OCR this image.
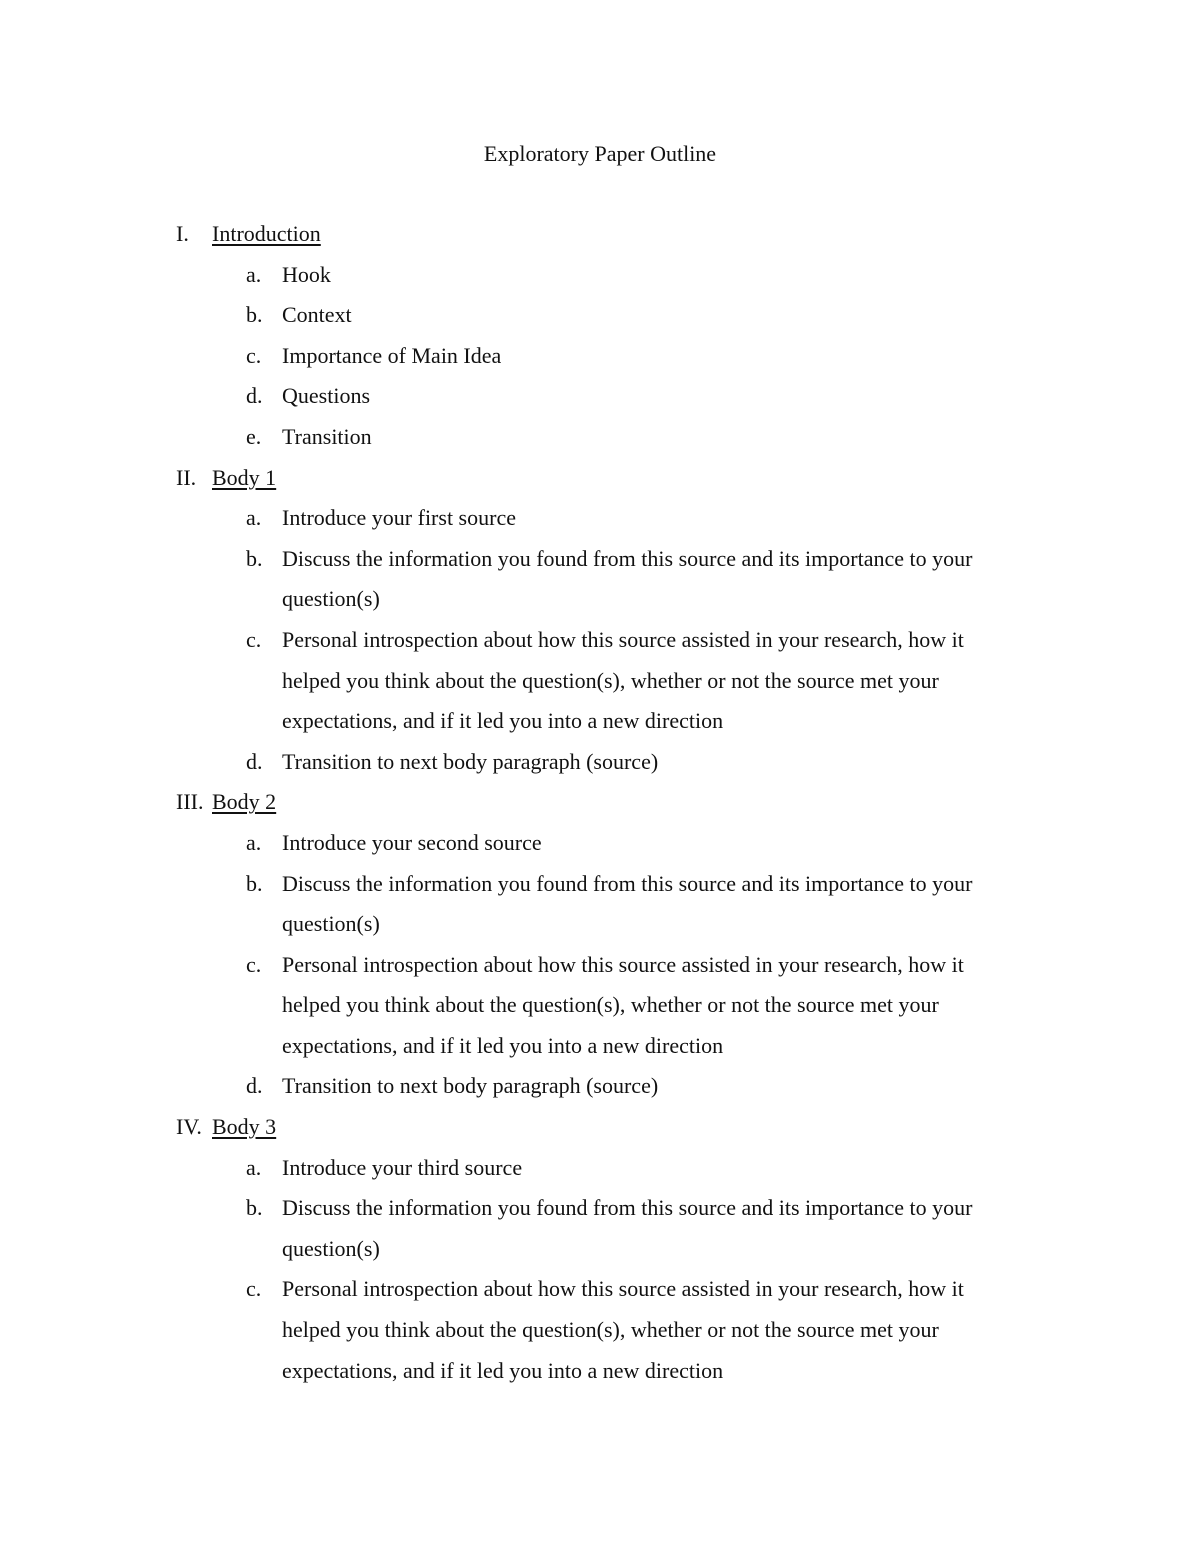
Exploratory Paper Outline
I.	Introduction
a. Hook
b. Context
c. Importance of Main Idea
d. Questions
e. Transition
II. Body 1
a. Introduce your first source
b. Discuss the information you found from this source and its importance to your question(s)
c. Personal introspection about how this source assisted in your research, how it helped you think about the question(s), whether or not the source met your expectations, and if it led you into a new direction
d. Transition to next body paragraph (source)
III. Body 2
a. Introduce your second source
b. Discuss the information you found from this source and its importance to your question(s)
c. Personal introspection about how this source assisted in your research, how it helped you think about the question(s), whether or not the source met your expectations, and if it led you into a new direction
d. Transition to next body paragraph (source)
IV. Body 3
a. Introduce your third source
b. Discuss the information you found from this source and its importance to your question(s)
c. Personal introspection about how this source assisted in your research, how it helped you think about the question(s), whether or not the source met your expectations, and if it led you into a new direction
